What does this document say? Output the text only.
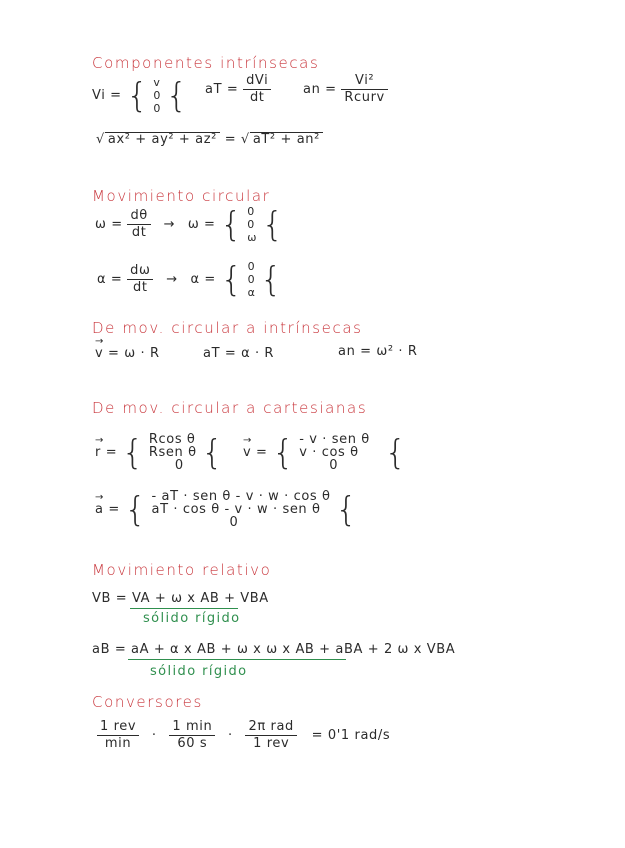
Componentes intrínsecas
Vi = { v
0
0 { aT = $\frac{\text{dVi}}{dt}$ an = $\frac{\text{Vi²}}{\text{Rcurv}}$
√ ax² + ay² + az² = √ aT² + an²
Movimiento circular
$\omega = \frac{d\theta}{dt} \to \omega$ = { 0
0
ω {
$\alpha = \frac{d\omega}{dt} \to \alpha$ = { 0
0
α {
De mov. circular a intrínsecas
→ v = ω · R	aT = α · R	an = ω² · R
De mov. circular a cartesianas
→ r = { Rcos θ
Rsen θ
0 {
→ v = { - v · sen θ
v · cos θ
0	{
→ a = { - aT · sen θ - v · w · cos θ
aT · cos θ - v · w · sen θ
0	{
Movimiento relativo
VB = VA + ω x AB + VBA
sólido rígido
aB = aA + α x AB + ω x ω x AB + aBA + 2 ω x VBA
sólido rígido
Conversores
$\frac{\text{1 rev}}{\min} \cdot \frac{1 \min}{60 s} \cdot \frac{\text{2π rad}}{\text{1 rev}} = 0'1$ rad/s
